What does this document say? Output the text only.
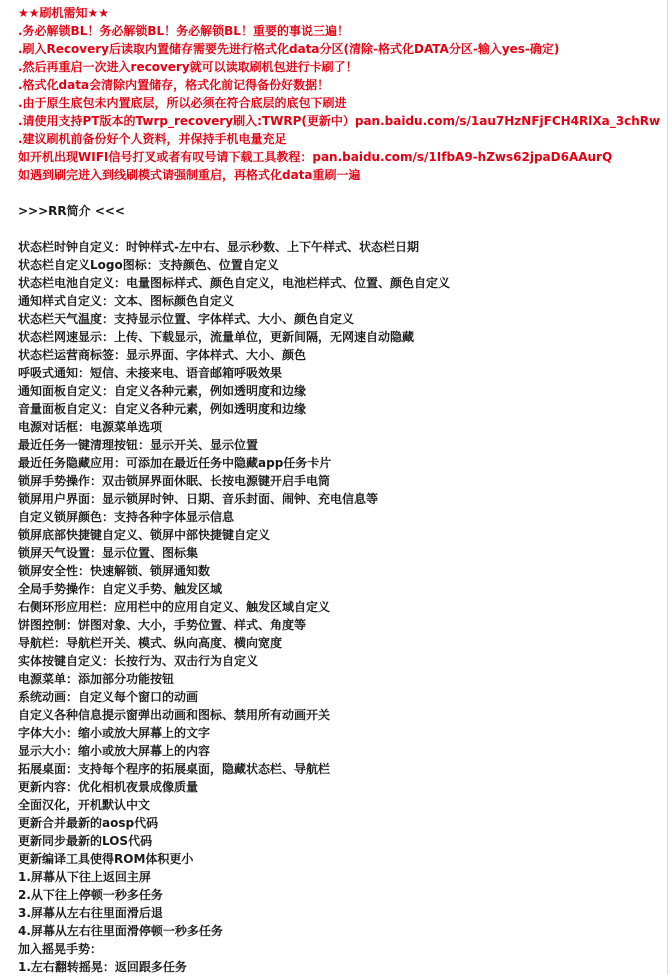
★★刷机需知★★
.务必解锁BL！务必解锁BL！务必解锁BL！重要的事说三遍！
.刷入Recovery后读取内置储存需要先进行格式化data分区(清除-格式化DATA分区-输入yes-确定)
.然后再重启一次进入recovery就可以读取刷机包进行卡刷了！
.格式化data会清除内置储存，格式化前记得备份好数据！
.由于原生底包未内置底层，所以必须在符合底层的底包下刷进
.请使用支持PT版本的Twrp_recovery刷入:TWRP(更新中）pan.baidu.com/s/1au7HzNFjFCH4RlXa_3chRw
.建议刷机前备份好个人资料，并保持手机电量充足
如开机出现WIFI信号打叉或者有叹号请下载工具教程：pan.baidu.com/s/1IfbA9-hZws62jpaD6AAurQ
如遇到刷完进入到线刷模式请强制重启，再格式化data重刷一遍
>>>RR简介 <<<
状态栏时钟自定义：时钟样式-左中右、显示秒数、上下午样式、状态栏日期
状态栏自定义Logo图标：支持颜色、位置自定义
状态栏电池自定义：电量图标样式、颜色自定义，电池栏样式、位置、颜色自定义
通知样式自定义：文本、图标颜色自定义
状态栏天气温度：支持显示位置、字体样式、大小、颜色自定义
状态栏网速显示：上传、下载显示，流量单位，更新间隔，无网速自动隐藏
状态栏运营商标签：显示界面、字体样式、大小、颜色
呼吸式通知：短信、未接来电、语音邮箱呼吸效果
通知面板自定义：自定义各种元素，例如透明度和边缘
音量面板自定义：自定义各种元素，例如透明度和边缘
电源对话框：电源菜单选项
最近任务一键清理按钮：显示开关、显示位置
最近任务隐藏应用：可添加在最近任务中隐藏app任务卡片
锁屏手势操作：双击锁屏界面休眠、长按电源键开启手电筒
锁屏用户界面：显示锁屏时钟、日期、音乐封面、闹钟、充电信息等
自定义锁屏颜色：支持各种字体显示信息
锁屏底部快捷键自定义、锁屏中部快捷键自定义
锁屏天气设置：显示位置、图标集
锁屏安全性：快速解锁、锁屏通知数
全局手势操作：自定义手势、触发区域
右侧环形应用栏：应用栏中的应用自定义、触发区域自定义
饼图控制：饼图对象、大小，手势位置、样式、角度等
导航栏：导航栏开关、模式、纵向高度、横向宽度
实体按键自定义：长按行为、双击行为自定义
电源菜单：添加部分功能按钮
系统动画：自定义每个窗口的动画
自定义各种信息提示窗弹出动画和图标、禁用所有动画开关
字体大小：缩小或放大屏幕上的文字
显示大小：缩小或放大屏幕上的内容
拓展桌面：支持每个程序的拓展桌面，隐藏状态栏、导航栏
更新内容：优化相机夜景成像质量
全面汉化，开机默认中文
更新合并最新的aosp代码
更新同步最新的LOS代码
更新编译工具使得ROM体积更小
1.屏幕从下往上返回主屏
2.从下往上停顿一秒多任务
3.屏幕从左右往里面滑后退
4.屏幕从左右往里面滑停顿一秒多任务
加入摇晃手势：
1.左右翻转摇晃：返回跟多任务
